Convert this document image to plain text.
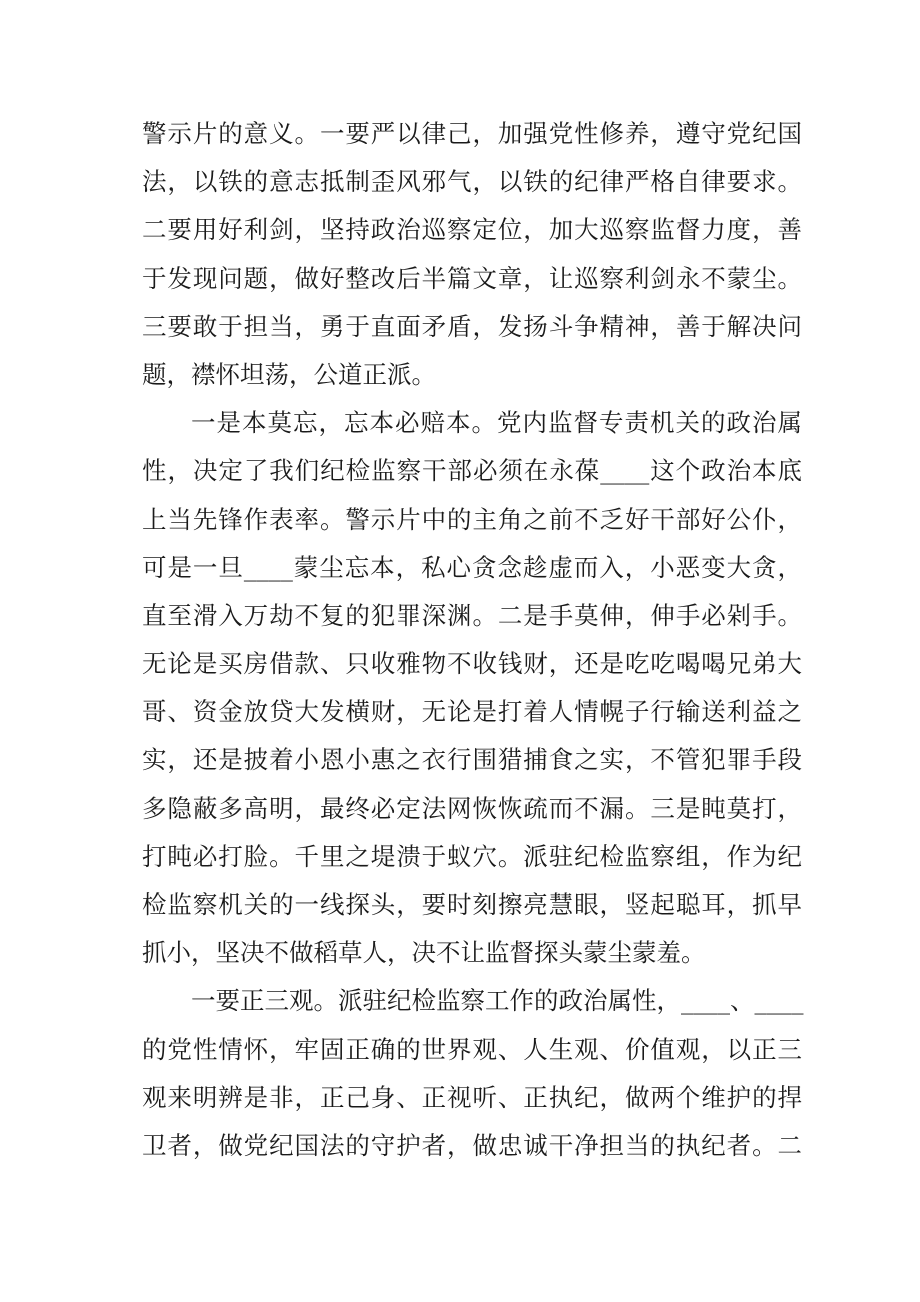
警示片的意义。一要严以律己，加强党性修养，遵守党纪国
法，以铁的意志抵制歪风邪气，以铁的纪律严格自律要求。
二要用好利剑，坚持政治巡察定位，加大巡察监督力度，善
于发现问题，做好整改后半篇文章，让巡察利剑永不蒙尘。
三要敢于担当，勇于直面矛盾，发扬斗争精神，善于解决问
题，襟怀坦荡，公道正派。
一是本莫忘，忘本必赔本。党内监督专责机关的政治属
性，决定了我们纪检监察干部必须在永葆____这个政治本底
上当先锋作表率。警示片中的主角之前不乏好干部好公仆，
可是一旦____蒙尘忘本，私心贪念趁虚而入，小恶变大贪，
直至滑入万劫不复的犯罪深渊。二是手莫伸，伸手必剁手。
无论是买房借款、只收雅物不收钱财，还是吃吃喝喝兄弟大
哥、资金放贷大发横财，无论是打着人情幌子行输送利益之
实，还是披着小恩小惠之衣行围猎捕食之实，不管犯罪手段
多隐蔽多高明，最终必定法网恢恢疏而不漏。三是盹莫打，
打盹必打脸。千里之堤溃于蚁穴。派驻纪检监察组，作为纪
检监察机关的一线探头，要时刻擦亮慧眼，竖起聪耳，抓早
抓小，坚决不做稻草人，决不让监督探头蒙尘蒙羞。
一要正三观。派驻纪检监察工作的政治属性，____、____
的党性情怀，牢固正确的世界观、人生观、价值观，以正三
观来明辨是非，正己身、正视听、正执纪，做两个维护的捍
卫者，做党纪国法的守护者，做忠诚干净担当的执纪者。二
